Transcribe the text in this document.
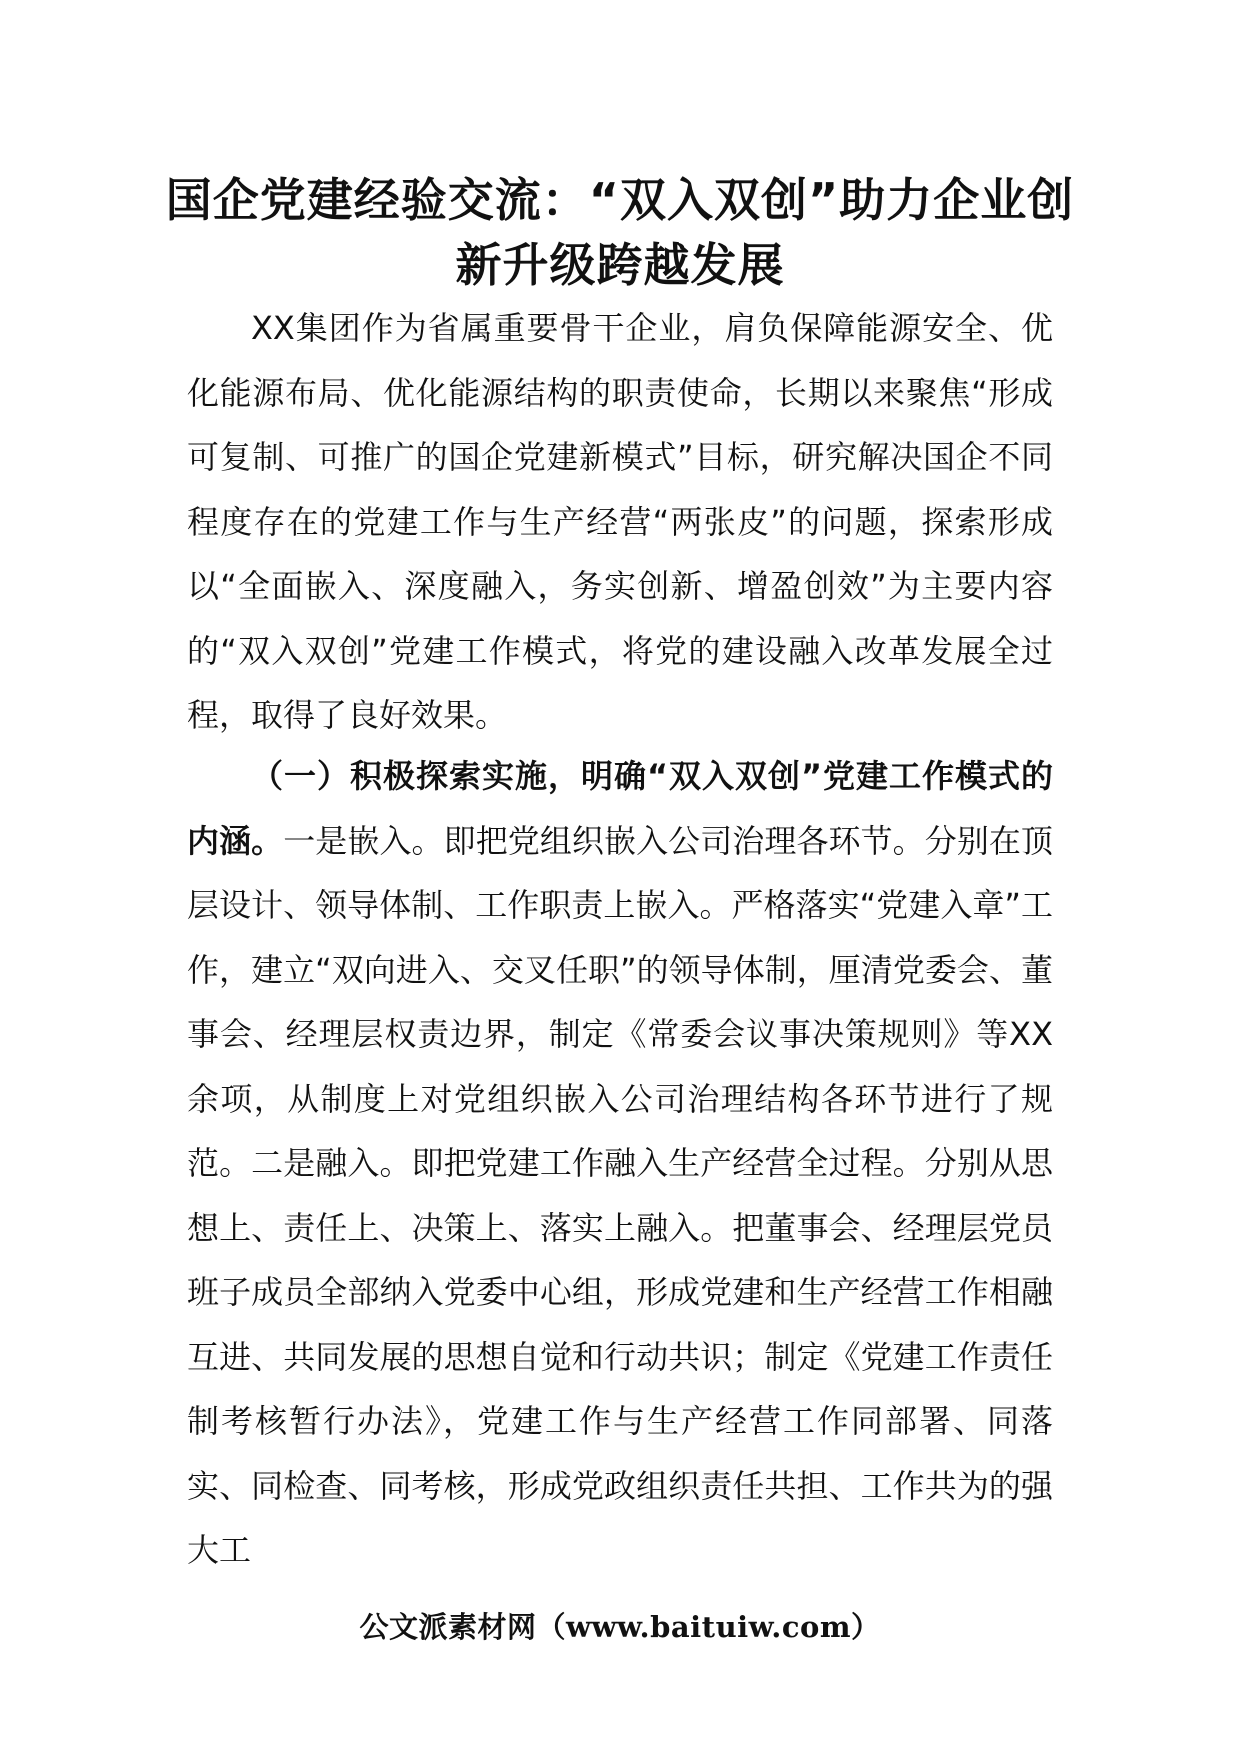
国企党建经验交流：“双入双创”助力企业创新升级跨越发展

XX集团作为省属重要骨干企业，肩负保障能源安全、优化能源布局、优化能源结构的职责使命，长期以来聚焦“形成可复制、可推广的国企党建新模式”目标，研究解决国企不同程度存在的党建工作与生产经营“两张皮”的问题，探索形成以“全面嵌入、深度融入，务实创新、增盈创效”为主要内容的“双入双创”党建工作模式，将党的建设融入改革发展全过程，取得了良好效果。

（一）积极探索实施，明确“双入双创”党建工作模式的内涵。一是嵌入。即把党组织嵌入公司治理各环节。分别在顶层设计、领导体制、工作职责上嵌入。严格落实“党建入章”工作，建立“双向进入、交叉任职”的领导体制，厘清党委会、董事会、经理层权责边界，制定《常委会议事决策规则》等XX余项，从制度上对党组织嵌入公司治理结构各环节进行了规范。二是融入。即把党建工作融入生产经营全过程。分别从思想上、责任上、决策上、落实上融入。把董事会、经理层党员班子成员全部纳入党委中心组，形成党建和生产经营工作相融互进、共同发展的思想自觉和行动共识；制定《党建工作责任制考核暂行办法》，党建工作与生产经营工作同部署、同落实、同检查、同考核，形成党政组织责任共担、工作共为的强大工

公文派素材网（www.baituiw.com）
